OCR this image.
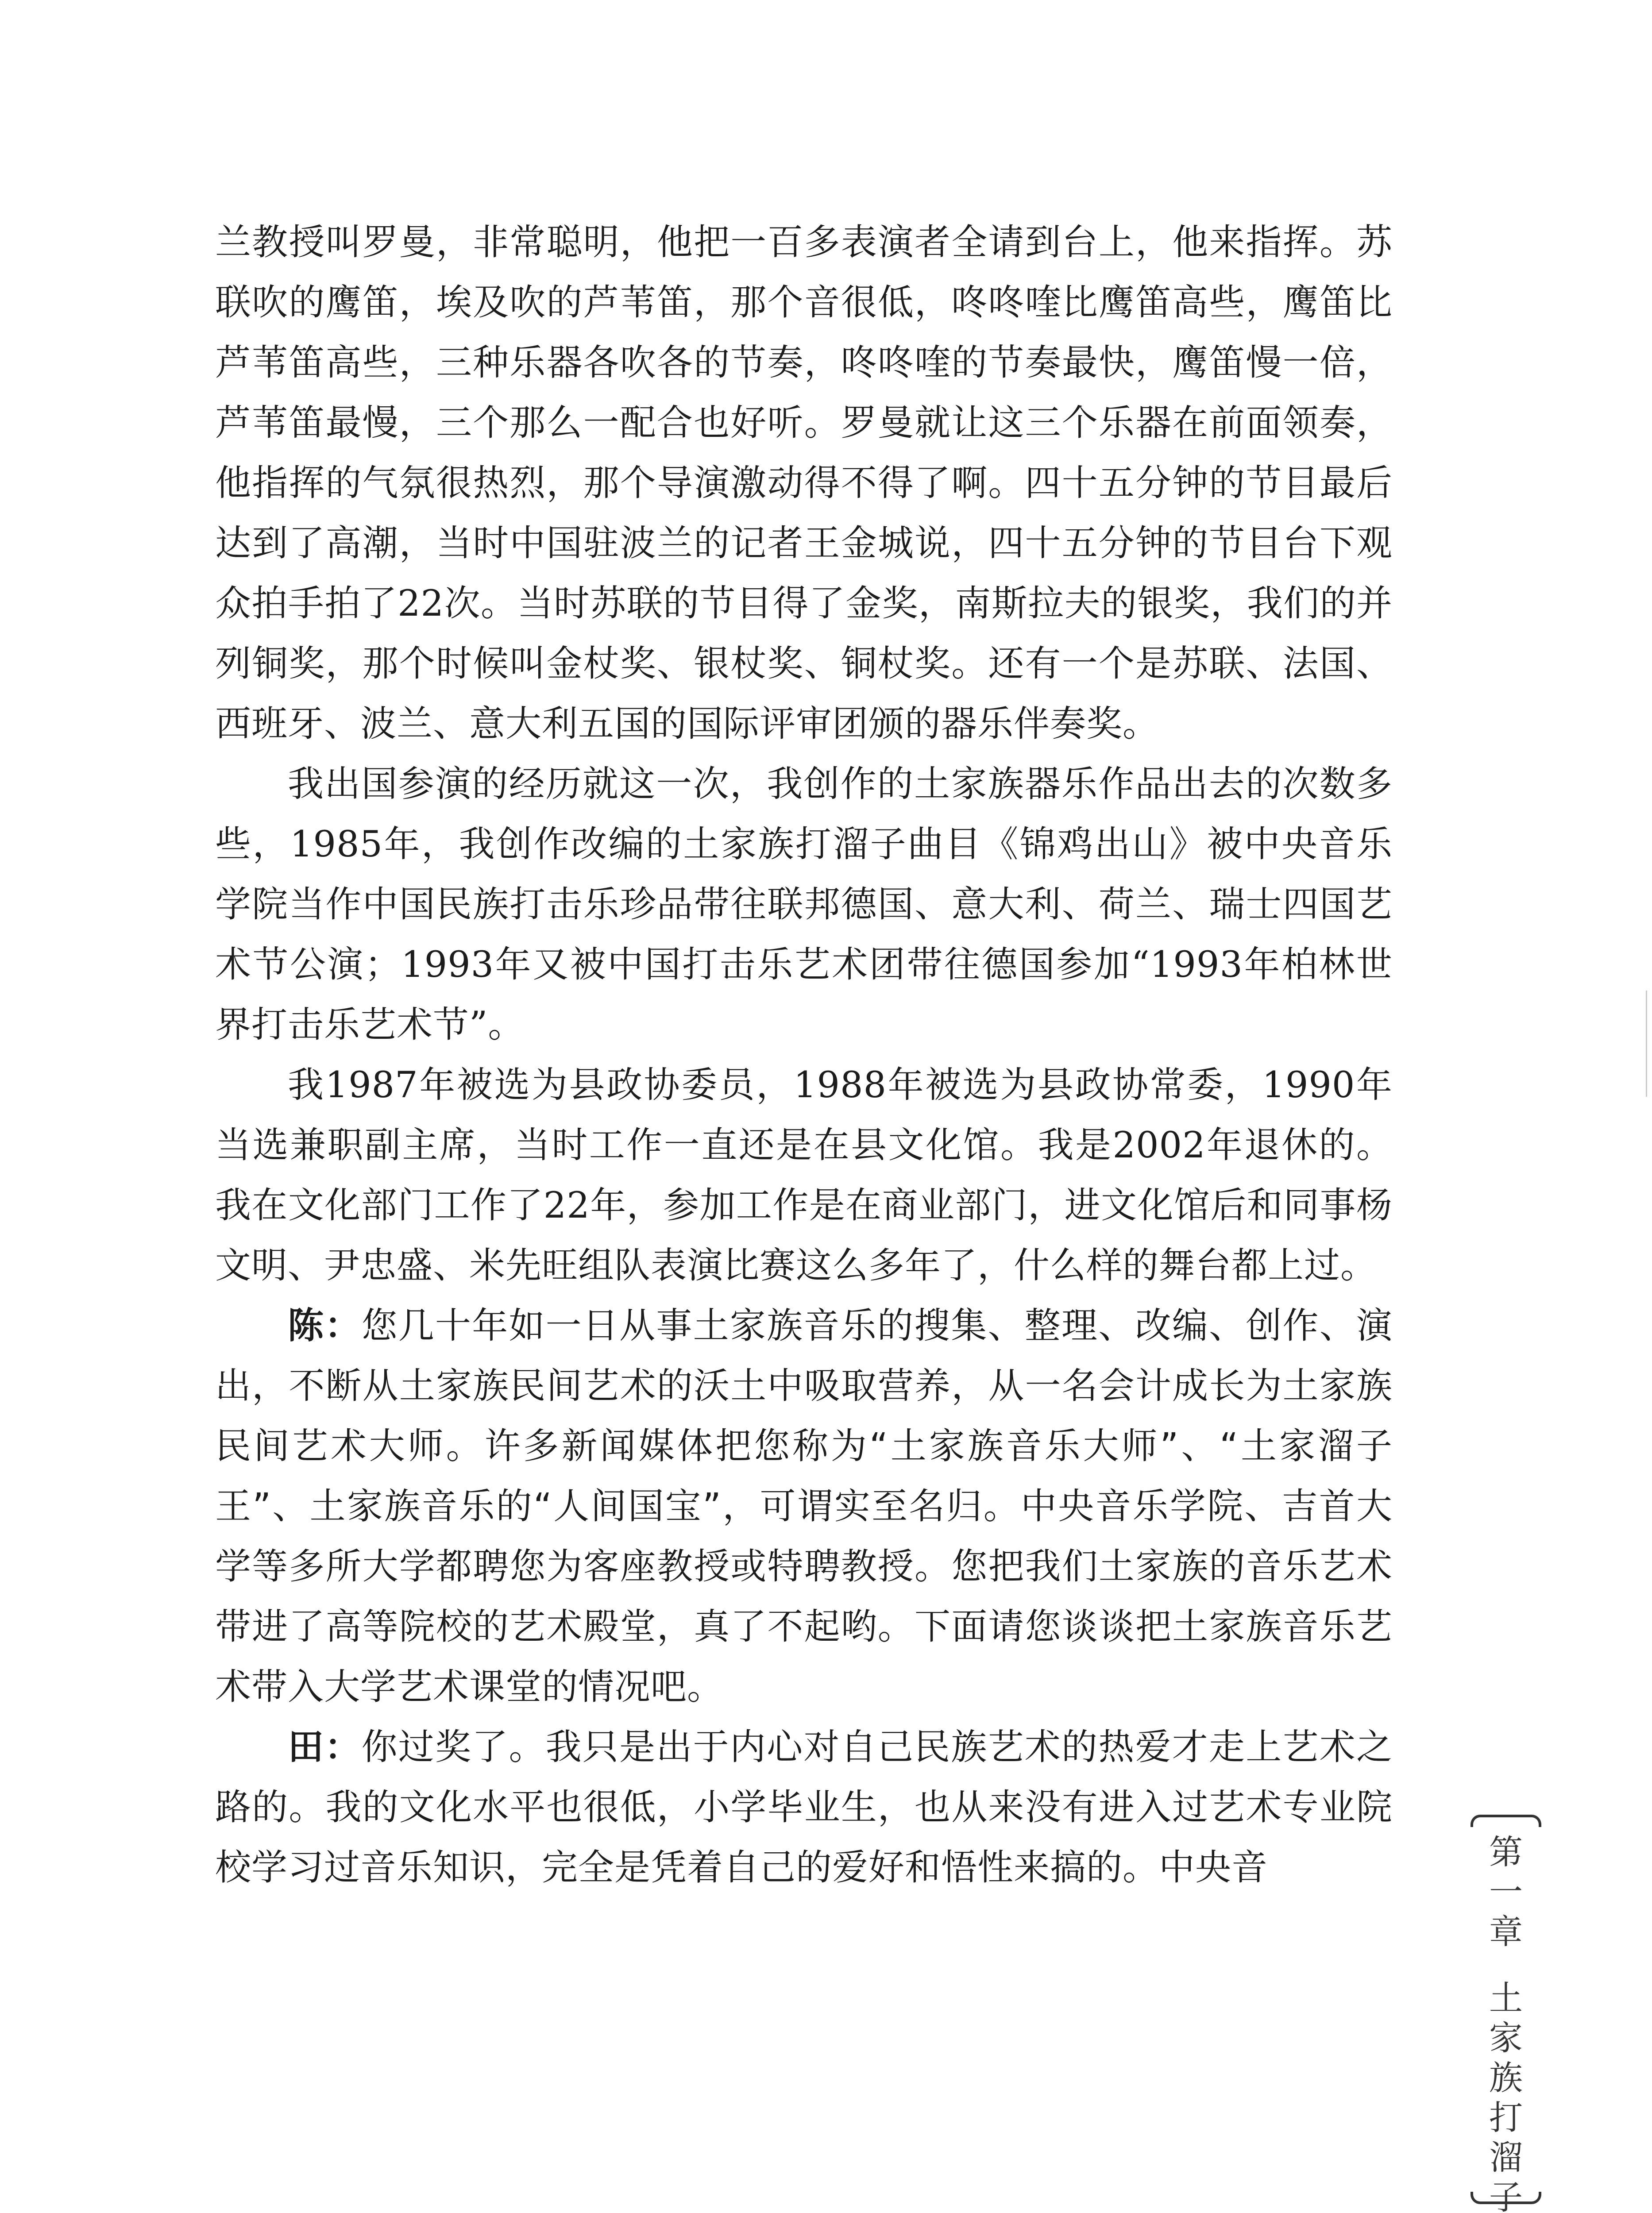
兰教授叫罗曼，非常聪明，他把一百多表演者全请到台上，他来指挥。苏联吹的鹰笛，埃及吹的芦苇笛，那个音很低，咚咚喹比鹰笛高些，鹰笛比芦苇笛高些，三种乐器各吹各的节奏，咚咚喹的节奏最快，鹰笛慢一倍，芦苇笛最慢，三个那么一配合也好听。罗曼就让这三个乐器在前面领奏，他指挥的气氛很热烈，那个导演激动得不得了啊。四十五分钟的节目最后达到了高潮，当时中国驻波兰的记者王金城说，四十五分钟的节目台下观众拍手拍了22次。当时苏联的节目得了金奖，南斯拉夫的银奖，我们的并列铜奖，那个时候叫金杖奖、银杖奖、铜杖奖。还有一个是苏联、法国、西班牙、波兰、意大利五国的国际评审团颁的器乐伴奏奖。

我出国参演的经历就这一次，我创作的土家族器乐作品出去的次数多些，1985年，我创作改编的土家族打溜子曲目《锦鸡出山》被中央音乐学院当作中国民族打击乐珍品带往联邦德国、意大利、荷兰、瑞士四国艺术节公演；1993年又被中国打击乐艺术团带往德国参加“1993年柏林世界打击乐艺术节”。

我1987年被选为县政协委员，1988年被选为县政协常委，1990年当选兼职副主席，当时工作一直还是在县文化馆。我是2002年退休的。我在文化部门工作了22年，参加工作是在商业部门，进文化馆后和同事杨文明、尹忠盛、米先旺组队表演比赛这么多年了，什么样的舞台都上过。

陈：您几十年如一日从事土家族音乐的搜集、整理、改编、创作、演出，不断从土家族民间艺术的沃土中吸取营养，从一名会计成长为土家族民间艺术大师。许多新闻媒体把您称为“土家族音乐大师”、“土家溜子王”、土家族音乐的“人间国宝”，可谓实至名归。中央音乐学院、吉首大学等多所大学都聘您为客座教授或特聘教授。您把我们土家族的音乐艺术带进了高等院校的艺术殿堂，真了不起哟。下面请您谈谈把土家族音乐艺术带入大学艺术课堂的情况吧。

田：你过奖了。我只是出于内心对自己民族艺术的热爱才走上艺术之路的。我的文化水平也很低，小学毕业生，也从来没有进入过艺术专业院校学习过音乐知识，完全是凭着自己的爱好和悟性来搞的。中央音	第
一
章
土
家
族
打
溜
子
